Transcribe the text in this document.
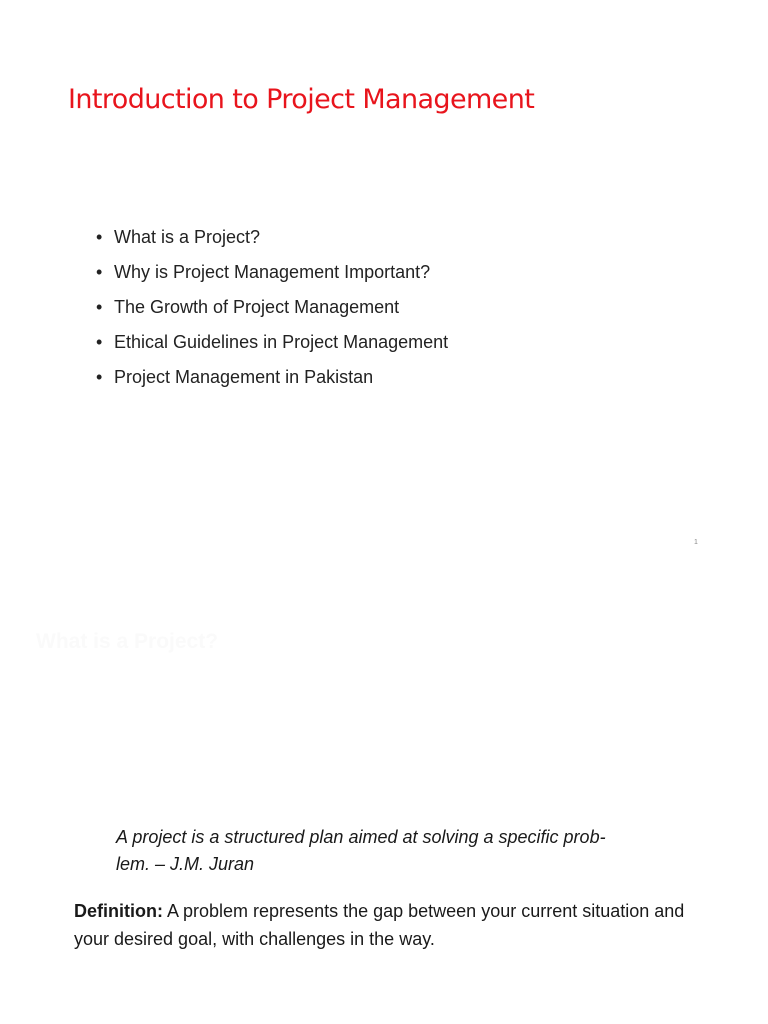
Introduction to Project Management
• What is a Project?
• Why is Project Management Important?
• The Growth of Project Management
• Ethical Guidelines in Project Management
• Project Management in Pakistan
1
What is a Project?

A project is a structured plan aimed at solving a specific prob-
lem. – J.M. Juran

Definition: A problem represents the gap between your current situation and your desired goal, with challenges in the way.
